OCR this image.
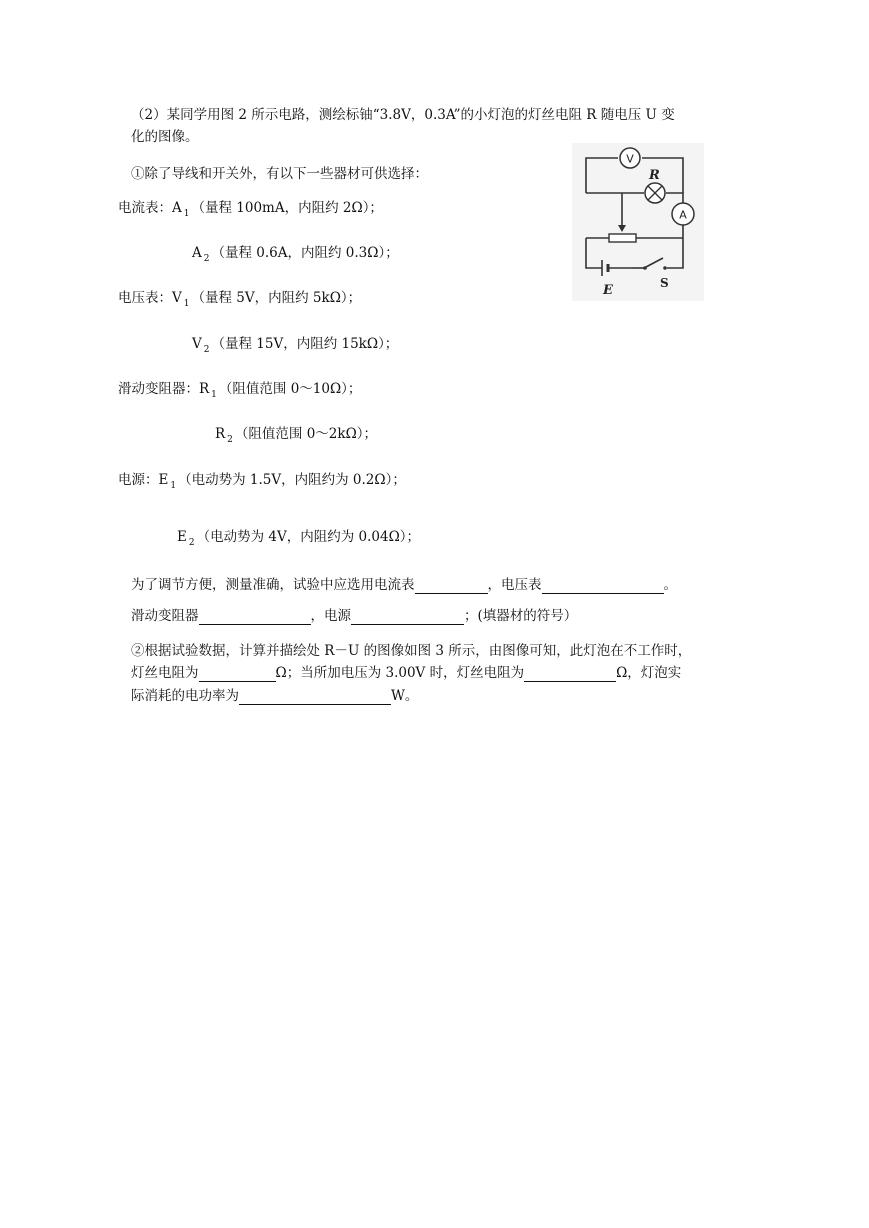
（2）某同学用图 2 所示电路，测绘标铀“3.8V，0.3A”的小灯泡的灯丝电阻 R 随电压 U 变
化的图像。
①除了导线和开关外，有以下一些器材可供选择：
电流表：A $_1$ （量程 100mA，内阻约 2Ω）；
A $_2$ （量程 0.6A，内阻约 0.3Ω）；
电压表：V $_1$ （量程 5V，内阻约 5kΩ）；
V $_2$ （量程 15V，内阻约 15kΩ）；
滑动变阻器：R $_1$ （阻值范围 0～10Ω）；
R $_2$ （阻值范围 0～2kΩ）；
电源：E $_1$ （电动势为 1.5V，内阻约为 0.2Ω）；
E $_2$ （电动势为 4V，内阻约为 0.04Ω）；
为了调节方便，测量准确，试验中应选用电流表	，电压表	。
滑动变阻器	，电源	；(填器材的符号）
②根据试验数据，计算并描绘处 R－U 的图像如图 3 所示，由图像可知，此灯泡在不工作时，
灯丝电阻为	Ω；当所加电压为 3.00V 时，灯丝电阻为	Ω，灯泡实
际消耗的电功率为	W。
V
R
A
E	S
